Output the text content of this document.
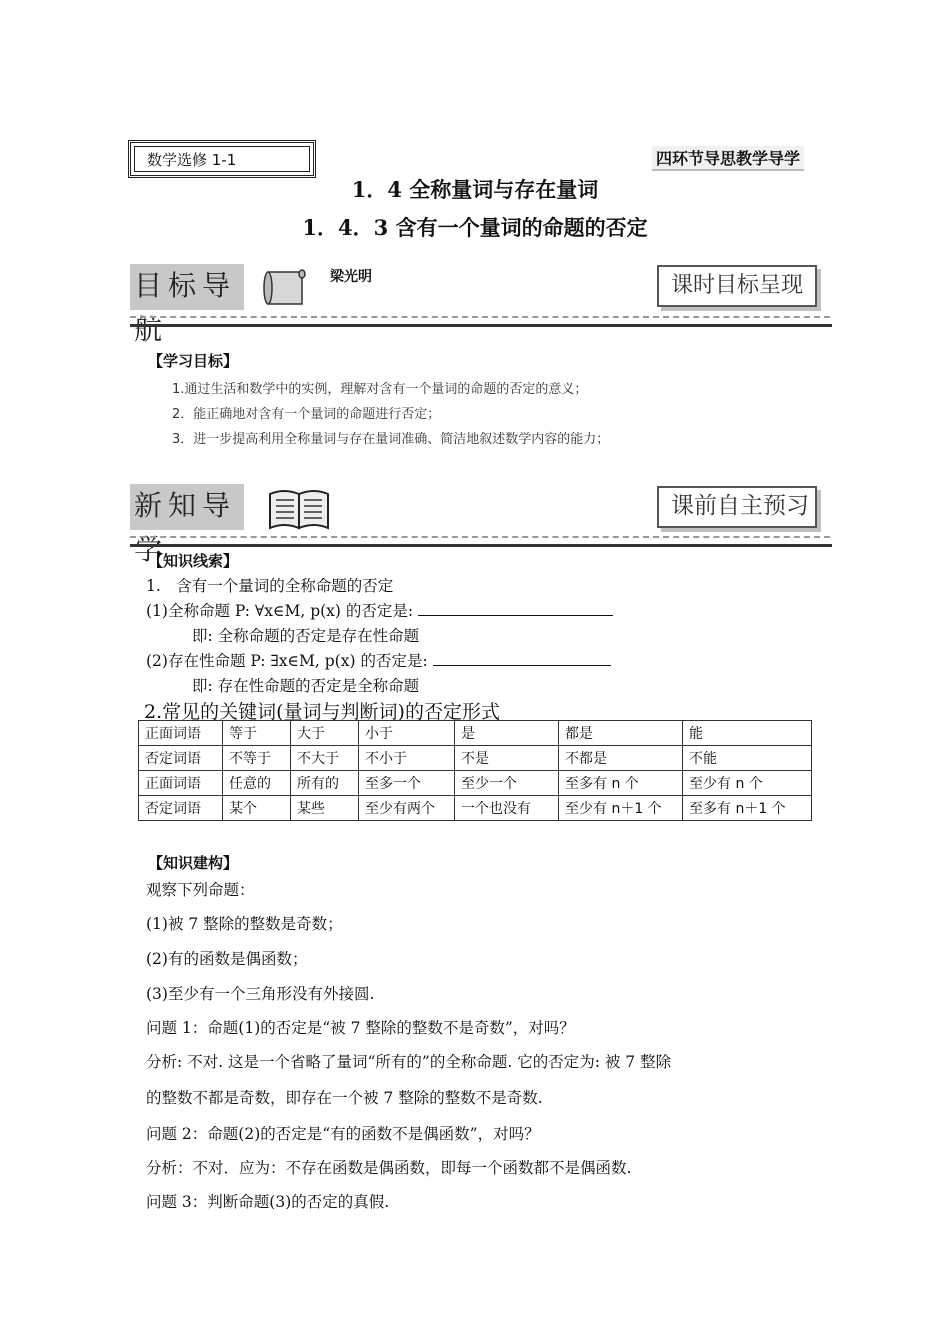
数学选修 1-1	四环节导思教学导学
1．4 全称量词与存在量词
1．4．3 含有一个量词的命题的否定
目标导航
梁光明	课时目标呈现
【学习目标】
1.通过生活和数学中的实例，理解对含有一个量词的命题的否定的意义；
2．能正确地对含有一个量词的命题进行否定；
3．进一步提高利用全称量词与存在量词准确、简洁地叙述数学内容的能力；
新知导学
课前自主预习
【知识线索】
1.　含有一个量词的全称命题的否定
(1)全称命题 P: ∀x∈M, p(x) 的否定是:
即: 全称命题的否定是存在性命题
(2)存在性命题 P: ∃x∈M, p(x) 的否定是:
即: 存在性命题的否定是全称命题
2.常见的关键词(量词与判断词)的否定形式
正面词语	等于	大于	小于	是	都是	能
否定词语	不等于	不大于	不小于	不是	不都是	不能
正面词语	任意的	所有的	至多一个	至少一个	至多有 n 个	至少有 n 个
否定词语	某个	某些	至少有两个	一个也没有	至少有 n＋1 个	至多有 n＋1 个
【知识建构】
观察下列命题：
(1)被 7 整除的整数是奇数；
(2)有的函数是偶函数；
(3)至少有一个三角形没有外接圆.
问题 1：命题(1)的否定是“被 7 整除的整数不是奇数”，对吗？
分析: 不对. 这是一个省略了量词“所有的”的全称命题. 它的否定为: 被 7 整除
的整数不都是奇数，即存在一个被 7 整除的整数不是奇数.
问题 2：命题(2)的否定是“有的函数不是偶函数”，对吗？
分析：不对．应为：不存在函数是偶函数，即每一个函数都不是偶函数.
问题 3：判断命题(3)的否定的真假.
